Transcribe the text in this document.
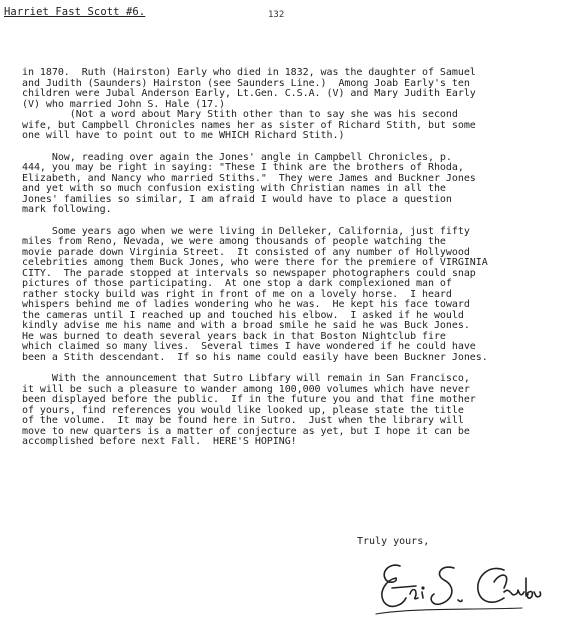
Harriet Fast Scott #6.	132
in 1870.  Ruth (Hairston) Early who died in 1832, was the daughter of Samuel
and Judith (Saunders) Hairston (see Saunders Line.)  Among Joab Early's ten
children were Jubal Anderson Early, Lt.Gen. C.S.A. (V) and Mary Judith Early
(V) who married John S. Hale (17.)
(Not a word about Mary Stith other than to say she was his second
wife, but Campbell Chronicles names her as sister of Richard Stith, but some
one will have to point out to me WHICH Richard Stith.)
Now, reading over again the Jones' angle in Campbell Chronicles, p.
444, you may be right in saying: "These I think are the brothers of Rhoda,
Elizabeth, and Nancy who married Stiths."  They were James and Buckner Jones
and yet with so much confusion existing with Christian names in all the
Jones' families so similar, I am afraid I would have to place a question
mark following.
Some years ago when we were living in Delleker, California, just fifty
miles from Reno, Nevada, we were among thousands of people watching the
movie parade down Virginia Street.  It consisted of any number of Hollywood
celebrities among them Buck Jones, who were there for the premiere of VIRGINIA
CITY.  The parade stopped at intervals so newspaper photographers could snap
pictures of those participating.  At one stop a dark complexioned man of
rather stocky build was right in front of me on a lovely horse.  I heard
whispers behind me of ladies wondering who he was.  He kept his face toward
the cameras until I reached up and touched his elbow.  I asked if he would
kindly advise me his name and with a broad smile he said he was Buck Jones.
He was burned to death several years back in that Boston Nightclub fire
which claimed so many lives.  Several times I have wondered if he could have
been a Stith descendant.  If so his name could easily have been Buckner Jones.
With the announcement that Sutro Libfary will remain in San Francisco,
it will be such a pleasure to wander among 100,000 volumes which have never
been displayed before the public.  If in the future you and that fine mother
of yours, find references you would like looked up, please state the title
of the volume.  It may be found here in Sutro.  Just when the library will
move to new quarters is a matter of conjecture as yet, but I hope it can be
accomplished before next Fall.  HERE'S HOPING!
Truly yours,
